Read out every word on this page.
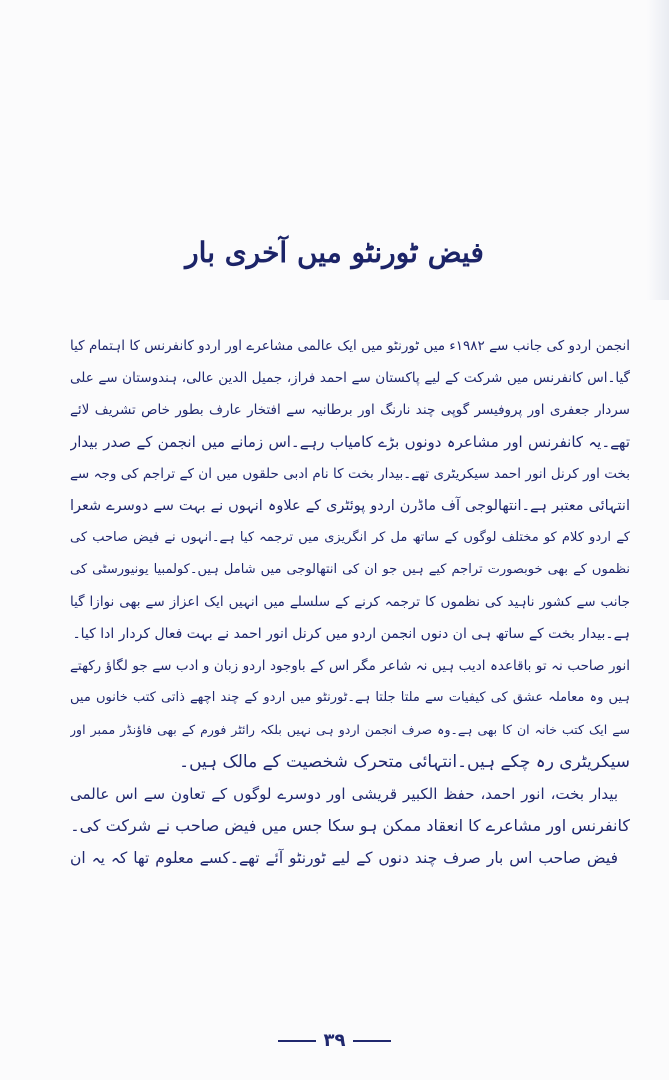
فیض ٹورنٹو میں آخری بار
انجمن اردو کی جانب سے ۱۹۸۲ء میں ٹورنٹو میں ایک عالمی مشاعرے اور اردو کانفرنس کا اہتمام کیا
گیا۔اس کانفرنس میں شرکت کے لیے پاکستان سے احمد فراز، جمیل الدین عالی، ہندوستان سے علی
سردار جعفری اور پروفیسر گوپی چند نارنگ اور برطانیہ سے افتخار عارف بطور خاص تشریف لائے
تھے۔یہ کانفرنس اور مشاعرہ دونوں بڑے کامیاب رہے۔اس زمانے میں انجمن کے صدر بیدار
بخت اور کرنل انور احمد سیکریٹری تھے۔بیدار بخت کا نام ادبی حلقوں میں ان کے تراجم کی وجہ سے
انتہائی معتبر ہے۔انتھالوجی آف ماڈرن اردو پوئٹری کے علاوہ انہوں نے بہت سے دوسرے شعرا
کے اردو کلام کو مختلف لوگوں کے ساتھ مل کر انگریزی میں ترجمہ کیا ہے۔انہوں نے فیض صاحب کی
نظموں کے بھی خوبصورت تراجم کیے ہیں جو ان کی انتھالوجی میں شامل ہیں۔کولمبیا یونیورسٹی کی
جانب سے کشور ناہید کی نظموں کا ترجمہ کرنے کے سلسلے میں انہیں ایک اعزاز سے بھی نوازا گیا
ہے۔بیدار بخت کے ساتھ ہی ان دنوں انجمن اردو میں کرنل انور احمد نے بہت فعال کردار ادا کیا۔
انور صاحب نہ تو باقاعدہ ادیب ہیں نہ شاعر مگر اس کے باوجود اردو زبان و ادب سے جو لگاؤ رکھتے
ہیں وہ معاملہ عشق کی کیفیات سے ملتا جلتا ہے۔ٹورنٹو میں اردو کے چند اچھے ذاتی کتب خانوں میں
سے ایک کتب خانہ ان کا بھی ہے۔وہ صرف انجمن اردو ہی نہیں بلکہ رائٹر فورم کے بھی فاؤنڈر ممبر اور
سیکریٹری رہ چکے ہیں۔انتہائی متحرک شخصیت کے مالک ہیں۔
بیدار بخت، انور احمد، حفظ الکبیر قریشی اور دوسرے لوگوں کے تعاون سے اس عالمی
کانفرنس اور مشاعرے کا انعقاد ممکن ہو سکا جس میں فیض صاحب نے شرکت کی۔
فیض صاحب اس بار صرف چند دنوں کے لیے ٹورنٹو آئے تھے۔کسے معلوم تھا کہ یہ ان
۳۹
